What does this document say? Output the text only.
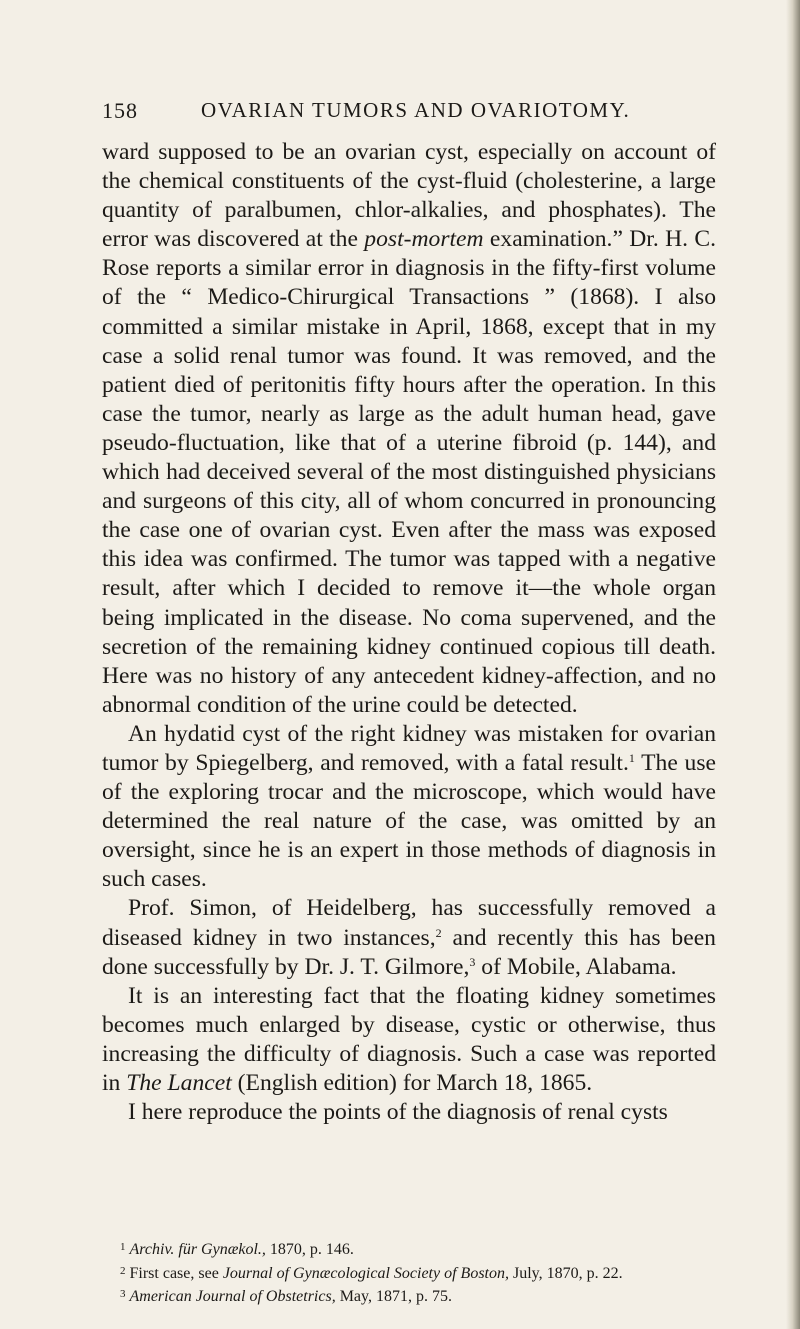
158	OVARIAN TUMORS AND OVARIOTOMY.

ward supposed to be an ovarian cyst, especially on account of the chemical constituents of the cyst-fluid (cholesterine, a large quantity of paralbumen, chlor-alkalies, and phosphates). The error was discovered at the post-mortem examination.” Dr. H. C. Rose reports a similar error in diagnosis in the fifty-first volume of the “ Medico-Chirurgical Transactions ” (1868). I also committed a similar mistake in April, 1868, except that in my case a solid renal tumor was found. It was removed, and the patient died of peritonitis fifty hours after the operation. In this case the tumor, nearly as large as the adult human head, gave pseudo-fluctuation, like that of a uterine fibroid (p. 144), and which had deceived several of the most distinguished physicians and surgeons of this city, all of whom concurred in pronouncing the case one of ovarian cyst. Even after the mass was exposed this idea was confirmed. The tumor was tapped with a negative result, after which I decided to remove it—the whole organ being implicated in the disease. No coma supervened, and the secretion of the remaining kidney continued copious till death. Here was no history of any antecedent kidney-affection, and no abnormal condition of the urine could be detected.

An hydatid cyst of the right kidney was mistaken for ovarian tumor by Spiegelberg, and removed, with a fatal result.$^1$ The use of the exploring trocar and the microscope, which would have determined the real nature of the case, was omitted by an oversight, since he is an expert in those methods of diagnosis in such cases.

Prof. Simon, of Heidelberg, has successfully removed a diseased kidney in two instances,$^2$ and recently this has been done successfully by Dr. J. T. Gilmore,$^3$ of Mobile, Alabama.

It is an interesting fact that the floating kidney sometimes becomes much enlarged by disease, cystic or otherwise, thus increasing the difficulty of diagnosis. Such a case was reported in The Lancet (English edition) for March 18, 1865.

I here reproduce the points of the diagnosis of renal cysts

$^1$ Archiv. für Gynækol., 1870, p. 146.

$^2$ First case, see Journal of Gynæcological Society of Boston, July, 1870, p. 22.

$^3$ American Journal of Obstetrics, May, 1871, p. 75.
